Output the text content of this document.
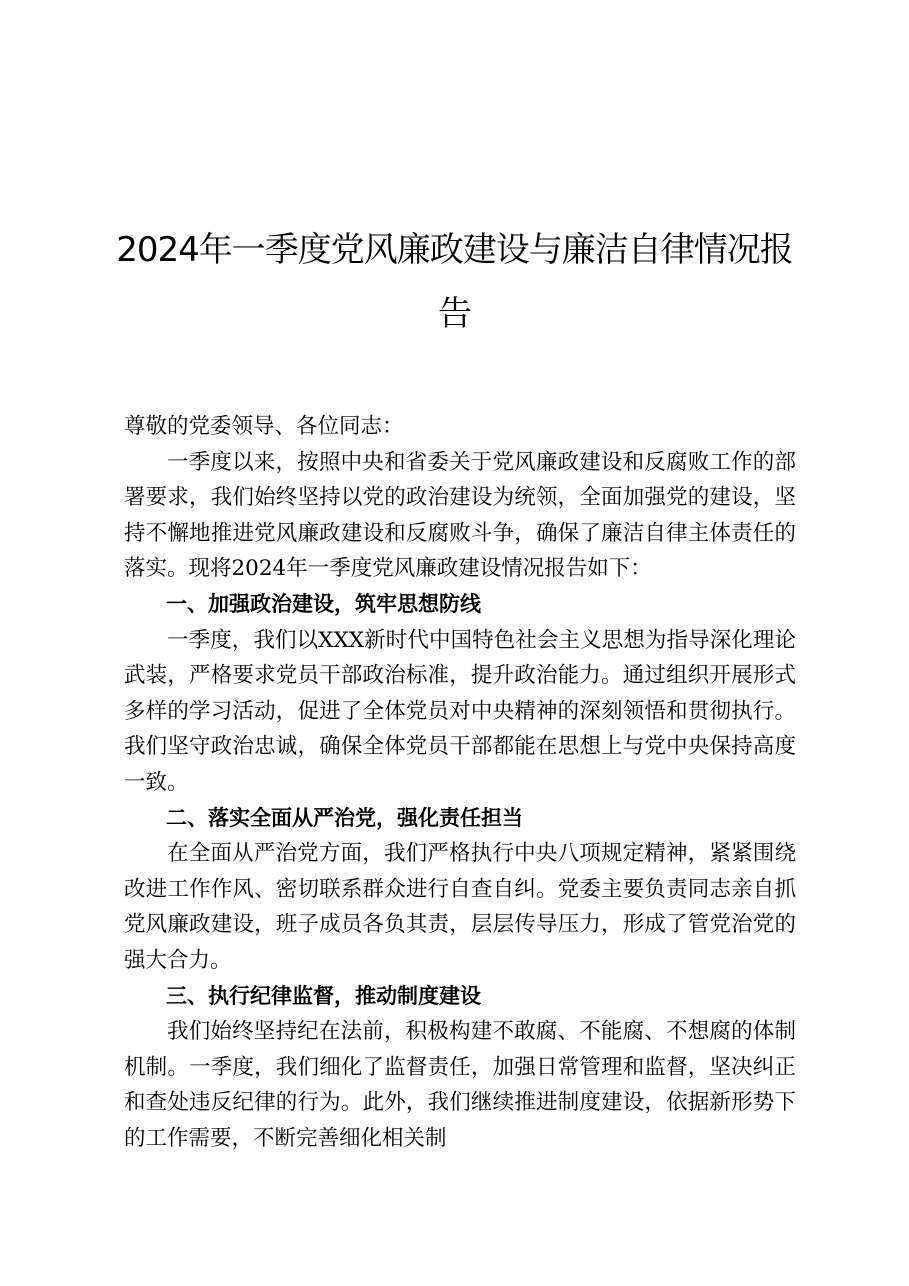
2024年一季度党风廉政建设与廉洁自律情况报告

尊敬的党委领导、各位同志：

一季度以来，按照中央和省委关于党风廉政建设和反腐败工作的部署要求，我们始终坚持以党的政治建设为统领，全面加强党的建设，坚持不懈地推进党风廉政建设和反腐败斗争，确保了廉洁自律主体责任的落实。现将2024年一季度党风廉政建设情况报告如下：

一、加强政治建设，筑牢思想防线

一季度，我们以XXX新时代中国特色社会主义思想为指导深化理论武装，严格要求党员干部政治标准，提升政治能力。通过组织开展形式多样的学习活动，促进了全体党员对中央精神的深刻领悟和贯彻执行。我们坚守政治忠诚，确保全体党员干部都能在思想上与党中央保持高度一致。

二、落实全面从严治党，强化责任担当

在全面从严治党方面，我们严格执行中央八项规定精神，紧紧围绕改进工作作风、密切联系群众进行自查自纠。党委主要负责同志亲自抓党风廉政建设，班子成员各负其责，层层传导压力，形成了管党治党的强大合力。

三、执行纪律监督，推动制度建设

我们始终坚持纪在法前，积极构建不敢腐、不能腐、不想腐的体制机制。一季度，我们细化了监督责任，加强日常管理和监督，坚决纠正和查处违反纪律的行为。此外，我们继续推进制度建设，依据新形势下的工作需要，不断完善细化相关制
